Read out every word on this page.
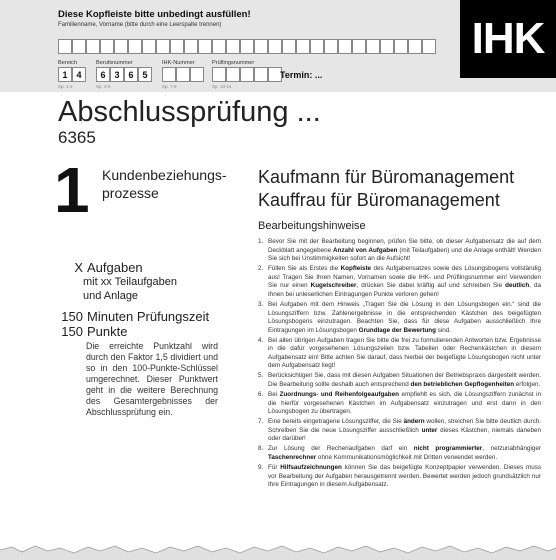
Diese Kopfleiste bitte unbedingt ausfüllen!
Familienname, Vorname (bitte durch eine Leerspalte trennen)
Bereich
1 4
Sp. 1-2
Berufsnummer
6 3 6 5
Sp. 3-6
IHK-Nummer
Sp. 7-9
Prüflingsnummer
Sp. 10-14
Termin: ...
IHK
Abschlussprüfung ...
6365
1 Kundenbeziehungs-
prozesse
Kaufmann für Büromanagement
Kauffrau für Büromanagement
Bearbeitungshinweise
1. Bevor Sie mit der Bearbeitung beginnen, prüfen Sie bitte, ob dieser Aufgabensatz die auf dem Deckblatt angegebene Anzahl von Aufgaben (mit Teilaufgaben) und die Anlage enthält! Wenden Sie sich bei Unstimmigkeiten sofort an die Aufsicht!
2. Füllen Sie als Erstes die Kopfleiste des Aufgabensatzes sowie des Lösungsbogens vollständig aus! Tragen Sie Ihren Namen, Vornamen sowie die IHK- und Prüflingsnummer ein! Verwenden Sie nur einen Kugelschreiber, drücken Sie dabei kräftig auf und schreiben Sie deutlich, da Ihnen bei unleserlichen Eintragungen Punkte verloren gehen!
3. Bei Aufgaben mit dem Hinweis „Tragen Sie die Lösung in den Lösungsbogen ein.“ sind die Lösungsziffern bzw. Zahlenergebnisse in die entsprechenden Kästchen des beigefügten Lösungsbogens einzutragen. Beachten Sie, dass für diese Aufgaben ausschließlich Ihre Eintragungen im Lösungsbogen Grundlage der Bewertung sind.
4. Bei allen übrigen Aufgaben tragen Sie bitte die frei zu formulierenden Antworten bzw. Ergebnisse in die dafür vorgesehenen Lösungszeilen bzw. Tabellen oder Rechenkästchen in diesem Aufgabensatz ein! Bitte achten Sie darauf, dass hierbei der beigefügte Lösungsbogen nicht unter dem Aufgabensatz liegt!
5. Berücksichtigen Sie, dass mit diesen Aufgaben Situationen der Betriebspraxis dargestellt werden. Die Bearbeitung sollte deshalb auch entsprechend den betrieblichen Gepflogenheiten erfolgen.
6. Bei Zuordnungs- und Reihenfolgeaufgaben empfiehlt es sich, die Lösungsziffern zunächst in die hierfür vorgesehenen Kästchen im Aufgabensatz einzutragen und erst dann in den Lösungsbogen zu übertragen.
7. Eine bereits eingetragene Lösungsziffer, die Sie ändern wollen, streichen Sie bitte deutlich durch. Schreiben Sie die neue Lösungsziffer ausschließlich unter dieses Kästchen, niemals daneben oder darüber!
8. Zur Lösung der Rechenaufgaben darf ein nicht programmierter, netzunabhängiger Taschenrechner ohne Kommunikationsmöglichkeit mit Dritten verwendet werden.
9. Für Hilfsaufzeichnungen können Sie das beigefügte Konzeptpapier verwenden. Dieses muss vor Bearbeitung der Aufgaben herausgetrennt werden. Bewertet werden jedoch grundsätzlich nur Ihre Eintragungen in diesem Aufgabensatz.
X Aufgaben
mit xx Teilaufgaben
und Anlage
150 Minuten Prüfungszeit
150 Punkte
Die erreichte Punktzahl wird durch den Faktor 1,5 dividiert und so in den 100-Punkte-Schlüssel umgerechnet. Dieser Punktwert geht in die weitere Berechnung des Gesamtergebnisses der Abschlussprüfung ein.
